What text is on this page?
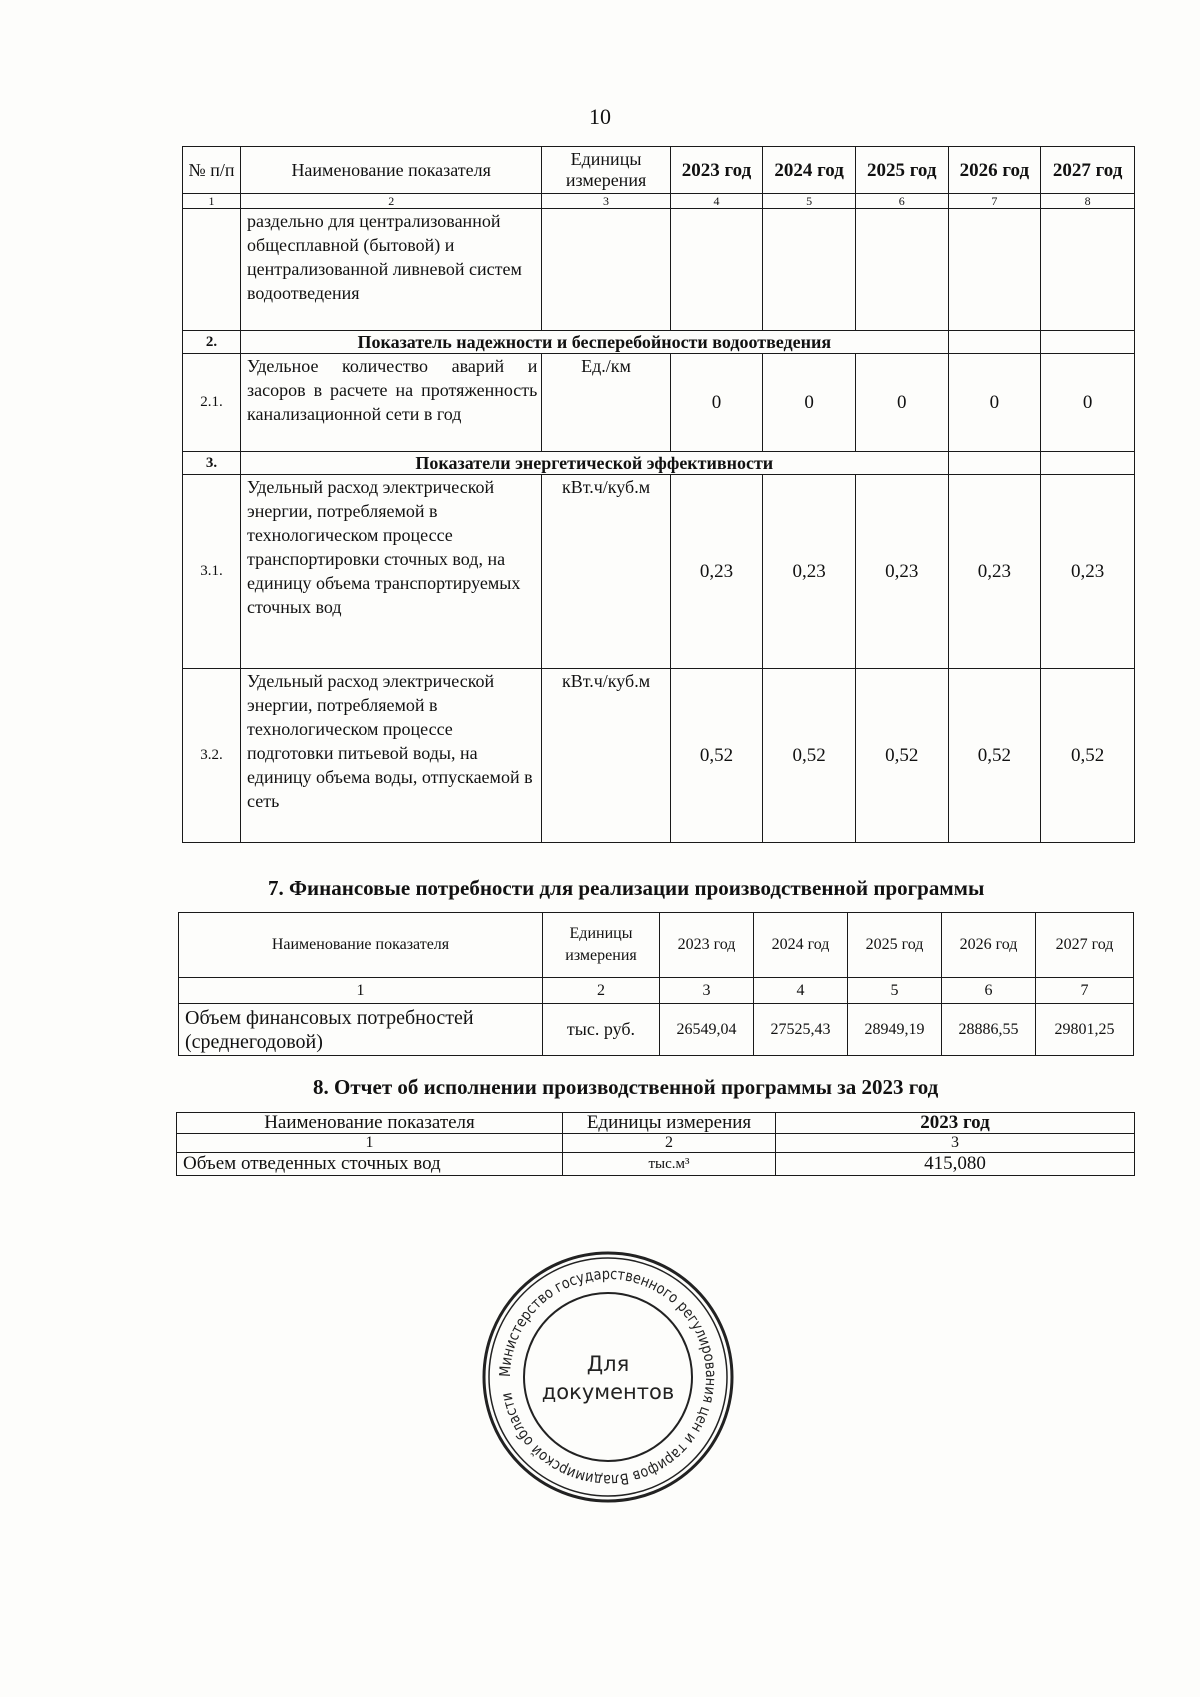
10
№ п/п	Наименование показателя	Единицы измерения	2023 год	2024 год	2025 год	2026 год	2027 год
1	2	3	4	5	6	7	8
	раздельно для централизованной общесплавной (бытовой) и централизованной ливневой систем водоотведения						
2.	Показатель надежности и бесперебойности водоотведения						
2.1.	Удельное количество аварий и засоров в расчете на протяженность канализационной сети в год	Ед./км	0	0	0	0	0
3.	Показатели энергетической эффективности						
3.1.	Удельный расход электрической энергии, потребляемой в технологическом процессе транспортировки сточных вод, на единицу объема транспортируемых сточных вод	кВт.ч/куб.м	0,23	0,23	0,23	0,23	0,23
3.2.	Удельный расход электрической энергии, потребляемой в технологическом процессе подготовки питьевой воды, на единицу объема воды, отпускаемой в сеть	кВт.ч/куб.м	0,52	0,52	0,52	0,52	0,52
7. Финансовые потребности для реализации производственной программы
Наименование показателя	Единицы измерения	2023 год	2024 год	2025 год	2026 год	2027 год
1	2	3	4	5	6	7
Объем финансовых потребностей (среднегодовой)	тыс. руб.	26549,04	27525,43	28949,19	28886,55	29801,25
8. Отчет об исполнении производственной программы за 2023 год
Наименование показателя	Единицы измерения	2023 год
1	2	3
Объем отведенных сточных вод	тыс.м³	415,080
Министерство государственного регулирования цен и тарифов Владимирской области
Для
документов
